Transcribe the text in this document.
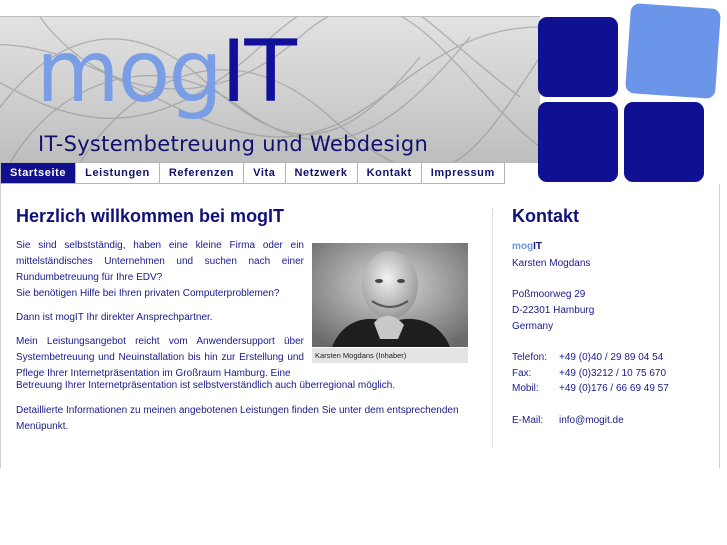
mogIT
IT-Systembetreuung und Webdesign
Startseite	Leistungen	Referenzen	Vita	Netzwerk	Kontakt	Impressum
Herzlich willkommen bei mogIT

Sie sind selbstständig, haben eine kleine Firma oder ein mittelständisches Unternehmen und suchen nach einer Rundumbetreuung für Ihre EDV?

Sie benötigen Hilfe bei Ihren privaten Computerproblemen?

Dann ist mogIT Ihr direkter Ansprechpartner.

Mein Leistungsangebot reicht vom Anwendersupport über Systembetreuung und Neuinstallation bis hin zur Erstellung und Pflege Ihrer Internetpräsentation im Großraum Hamburg. Eine

Betreuung Ihrer Internetpräsentation ist selbstverständlich auch überregional möglich.

Detaillierte Informationen zu meinen angebotenen Leistungen finden Sie unter dem entsprechenden Menüpunkt.

Karsten Mogdans (Inhaber)
Kontakt
mogIT
Karsten Mogdans
Poßmoorweg 29
D-22301 Hamburg
Germany
Telefon: +49 (0)40 / 29 89 04 54
Fax:	+49 (0)3212 / 10 75 670
Mobil: +49 (0)176 / 66 69 49 57
E-Mail: info@mogit.de
